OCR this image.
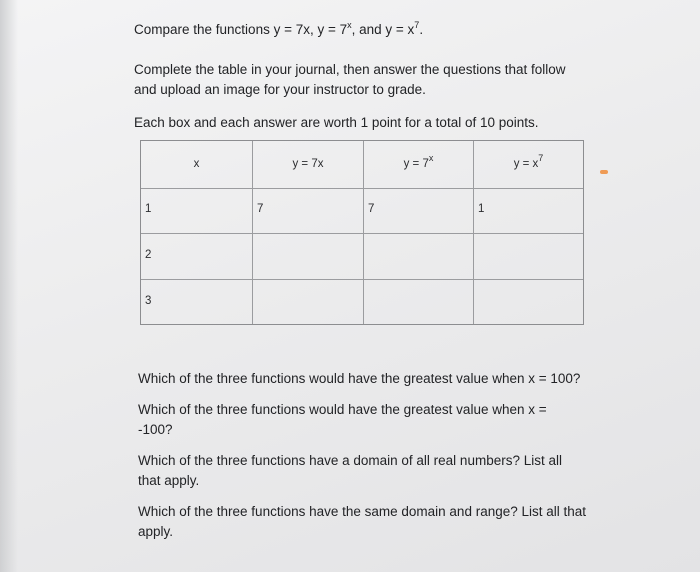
Compare the functions y = 7x, $y = 7^x$, and $y = x^7$.
Complete the table in your journal, then answer the questions that follow
and upload an image for your instructor to grade.
Each box and each answer are worth 1 point for a total of 10 points.
x	y = 7x	$y = 7^x$	$y = x^7$
1	7	7	1
2
3
Which of the three functions would have the greatest value when x = 100?
Which of the three functions would have the greatest value when x =
-100?
Which of the three functions have a domain of all real numbers? List all
that apply.
Which of the three functions have the same domain and range? List all that
apply.
